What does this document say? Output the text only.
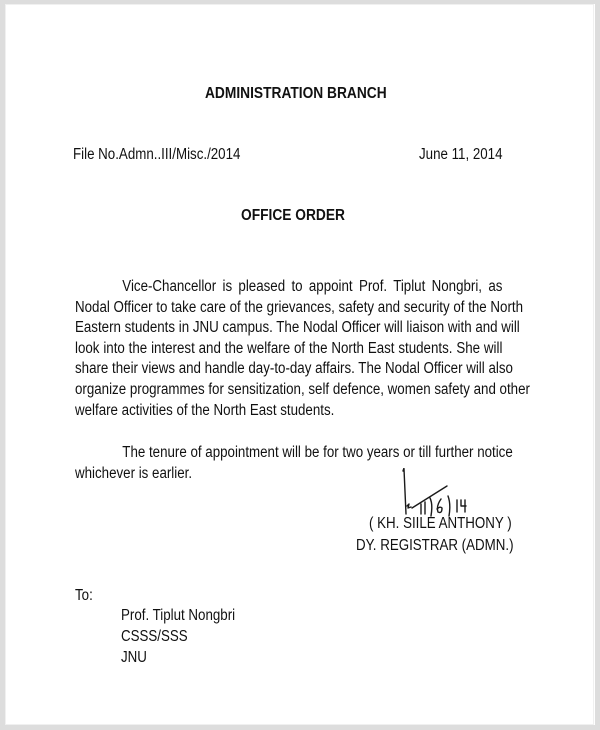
ADMINISTRATION BRANCH
File No.Admn..III/Misc./2014	June 11, 2014
OFFICE ORDER
Vice-Chancellor is pleased to appoint Prof. Tiplut Nongbri, as
Nodal Officer to take care of the grievances, safety and security of the North
Eastern students in JNU campus. The Nodal Officer will liaison with and will
look into the interest and the welfare of the North East students. She will
share their views and handle day-to-day affairs. The Nodal Officer will also
organize programmes for sensitization, self defence, women safety and other
welfare activities of the North East students.
The tenure of appointment will be for two years or till further notice
whichever is earlier.
( KH. SIILE ANTHONY )
DY. REGISTRAR (ADMN.)
To:
Prof. Tiplut Nongbri
CSSS/SSS
JNU
